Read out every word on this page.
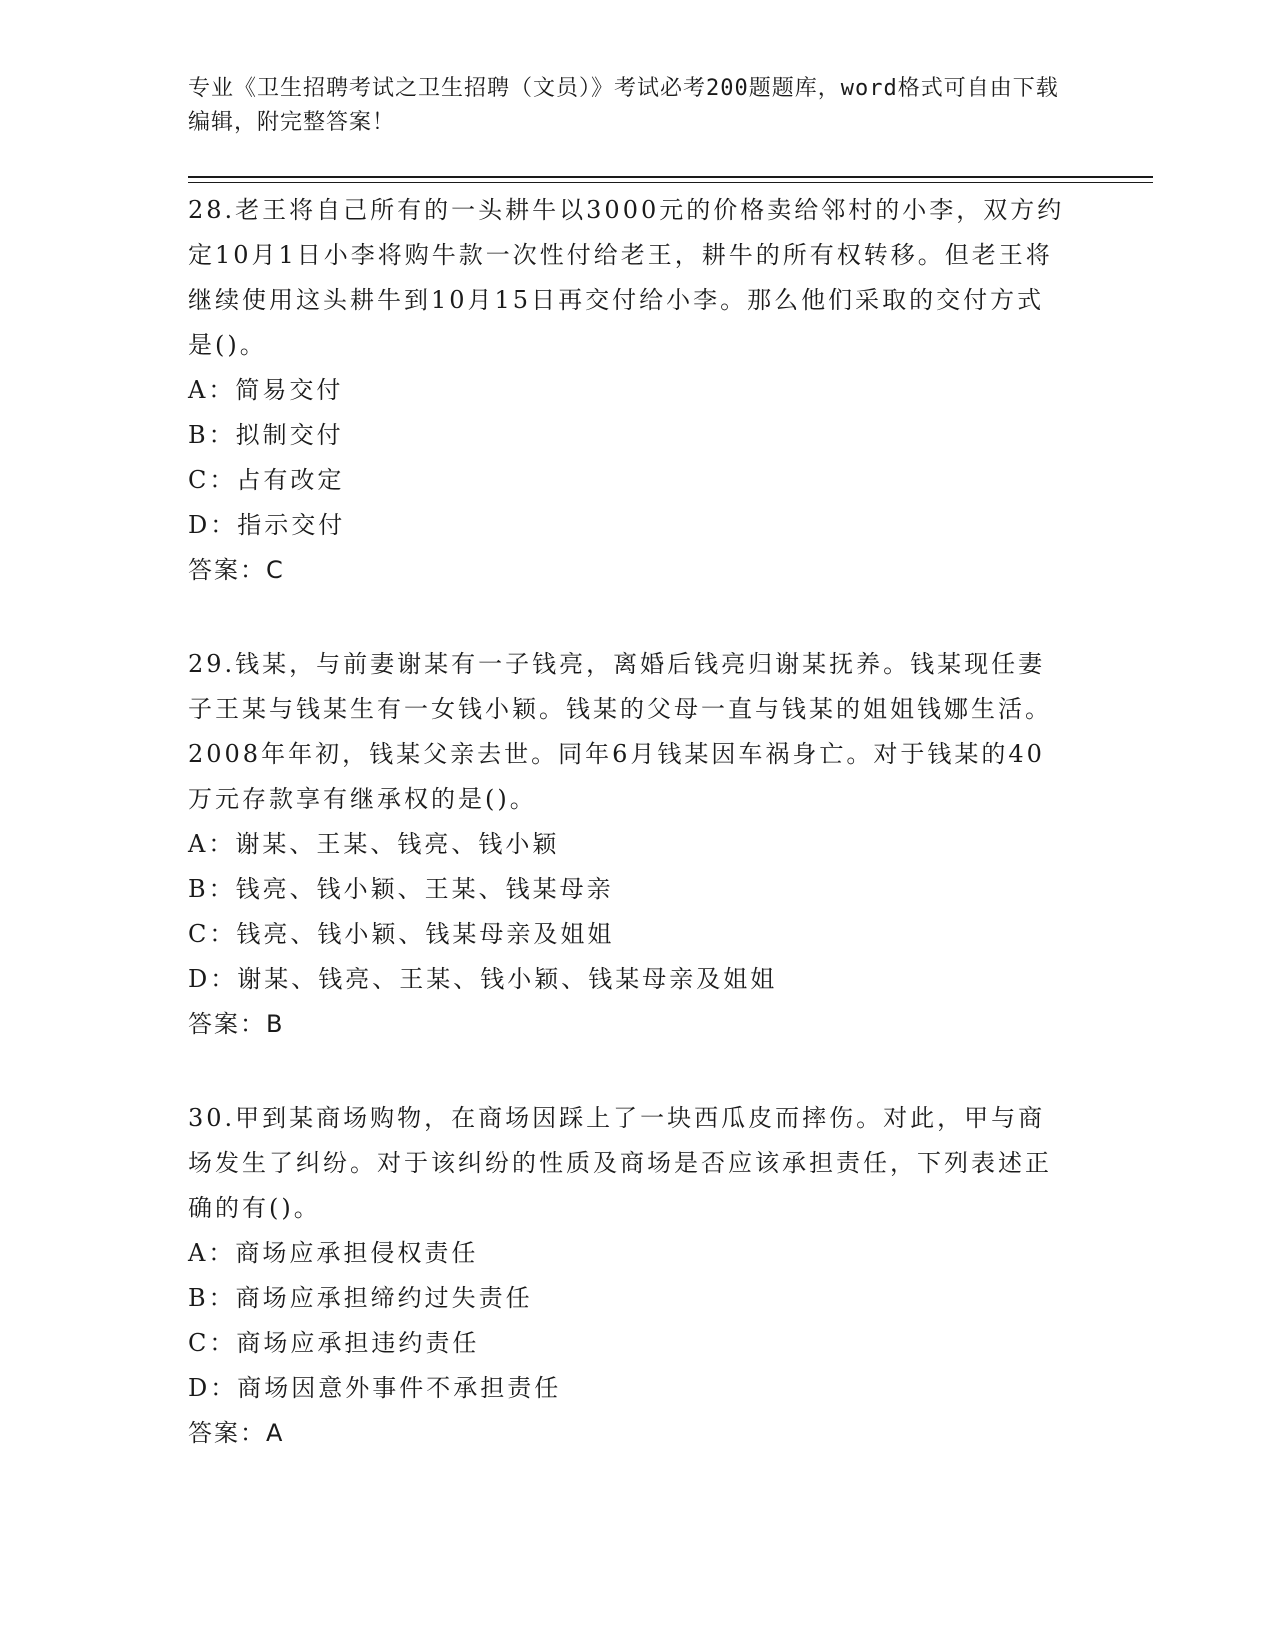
专业《卫生招聘考试之卫生招聘（文员）》考试必考200题题库，word格式可自由下载编辑，附完整答案！

28.老王将自己所有的一头耕牛以3000元的价格卖给邻村的小李，双方约定10月1日小李将购牛款一次性付给老王，耕牛的所有权转移。但老王将继续使用这头耕牛到10月15日再交付给小李。那么他们采取的交付方式是()。

A：简易交付

B：拟制交付

C：占有改定

D：指示交付

答案：C

29.钱某，与前妻谢某有一子钱亮，离婚后钱亮归谢某抚养。钱某现任妻子王某与钱某生有一女钱小颖。钱某的父母一直与钱某的姐姐钱娜生活。2008年年初，钱某父亲去世。同年6月钱某因车祸身亡。对于钱某的40万元存款享有继承权的是()。

A：谢某、王某、钱亮、钱小颖

B：钱亮、钱小颖、王某、钱某母亲

C：钱亮、钱小颖、钱某母亲及姐姐

D：谢某、钱亮、王某、钱小颖、钱某母亲及姐姐

答案：B

30.甲到某商场购物，在商场因踩上了一块西瓜皮而摔伤。对此，甲与商场发生了纠纷。对于该纠纷的性质及商场是否应该承担责任，下列表述正确的有()。

A：商场应承担侵权责任

B：商场应承担缔约过失责任

C：商场应承担违约责任

D：商场因意外事件不承担责任

答案：A
